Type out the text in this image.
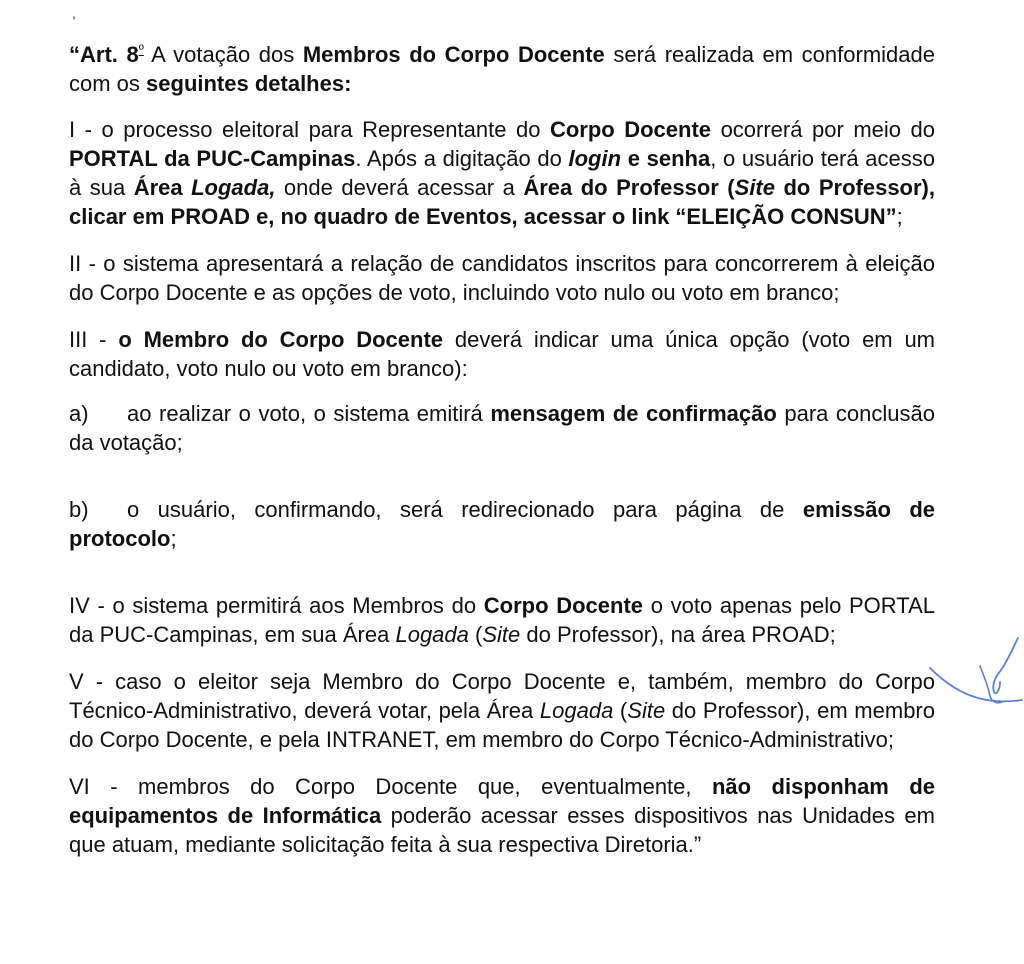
,

“Art. $8^º$ A votação dos Membros do Corpo Docente será realizada em conformidade com os seguintes detalhes:

I - o processo eleitoral para Representante do Corpo Docente ocorrerá por meio do PORTAL da PUC-Campinas. Após a digitação do login e senha, o usuário terá acesso à sua Área Logada, onde deverá acessar a Área do Professor (Site do Professor), clicar em PROAD e, no quadro de Eventos, acessar o link “ELEIÇÃO CONSUN”;

II - o sistema apresentará a relação de candidatos inscritos para concorrerem à eleição do Corpo Docente e as opções de voto, incluindo voto nulo ou voto em branco;

III - o Membro do Corpo Docente deverá indicar uma única opção (voto em um candidato, voto nulo ou voto em branco):

a) ao realizar o voto, o sistema emitirá mensagem de confirmação para conclusão da votação;

b) o usuário, confirmando, será redirecionado para página de emissão de protocolo;

IV - o sistema permitirá aos Membros do Corpo Docente o voto apenas pelo PORTAL da PUC-Campinas, em sua Área Logada (Site do Professor), na área PROAD;

V - caso o eleitor seja Membro do Corpo Docente e, também, membro do Corpo Técnico-Administrativo, deverá votar, pela Área Logada (Site do Professor), em membro do Corpo Docente, e pela INTRANET, em membro do Corpo Técnico-Administrativo;

VI - membros do Corpo Docente que, eventualmente, não disponham de equipamentos de Informática poderão acessar esses dispositivos nas Unidades em que atuam, mediante solicitação feita à sua respectiva Diretoria.”
